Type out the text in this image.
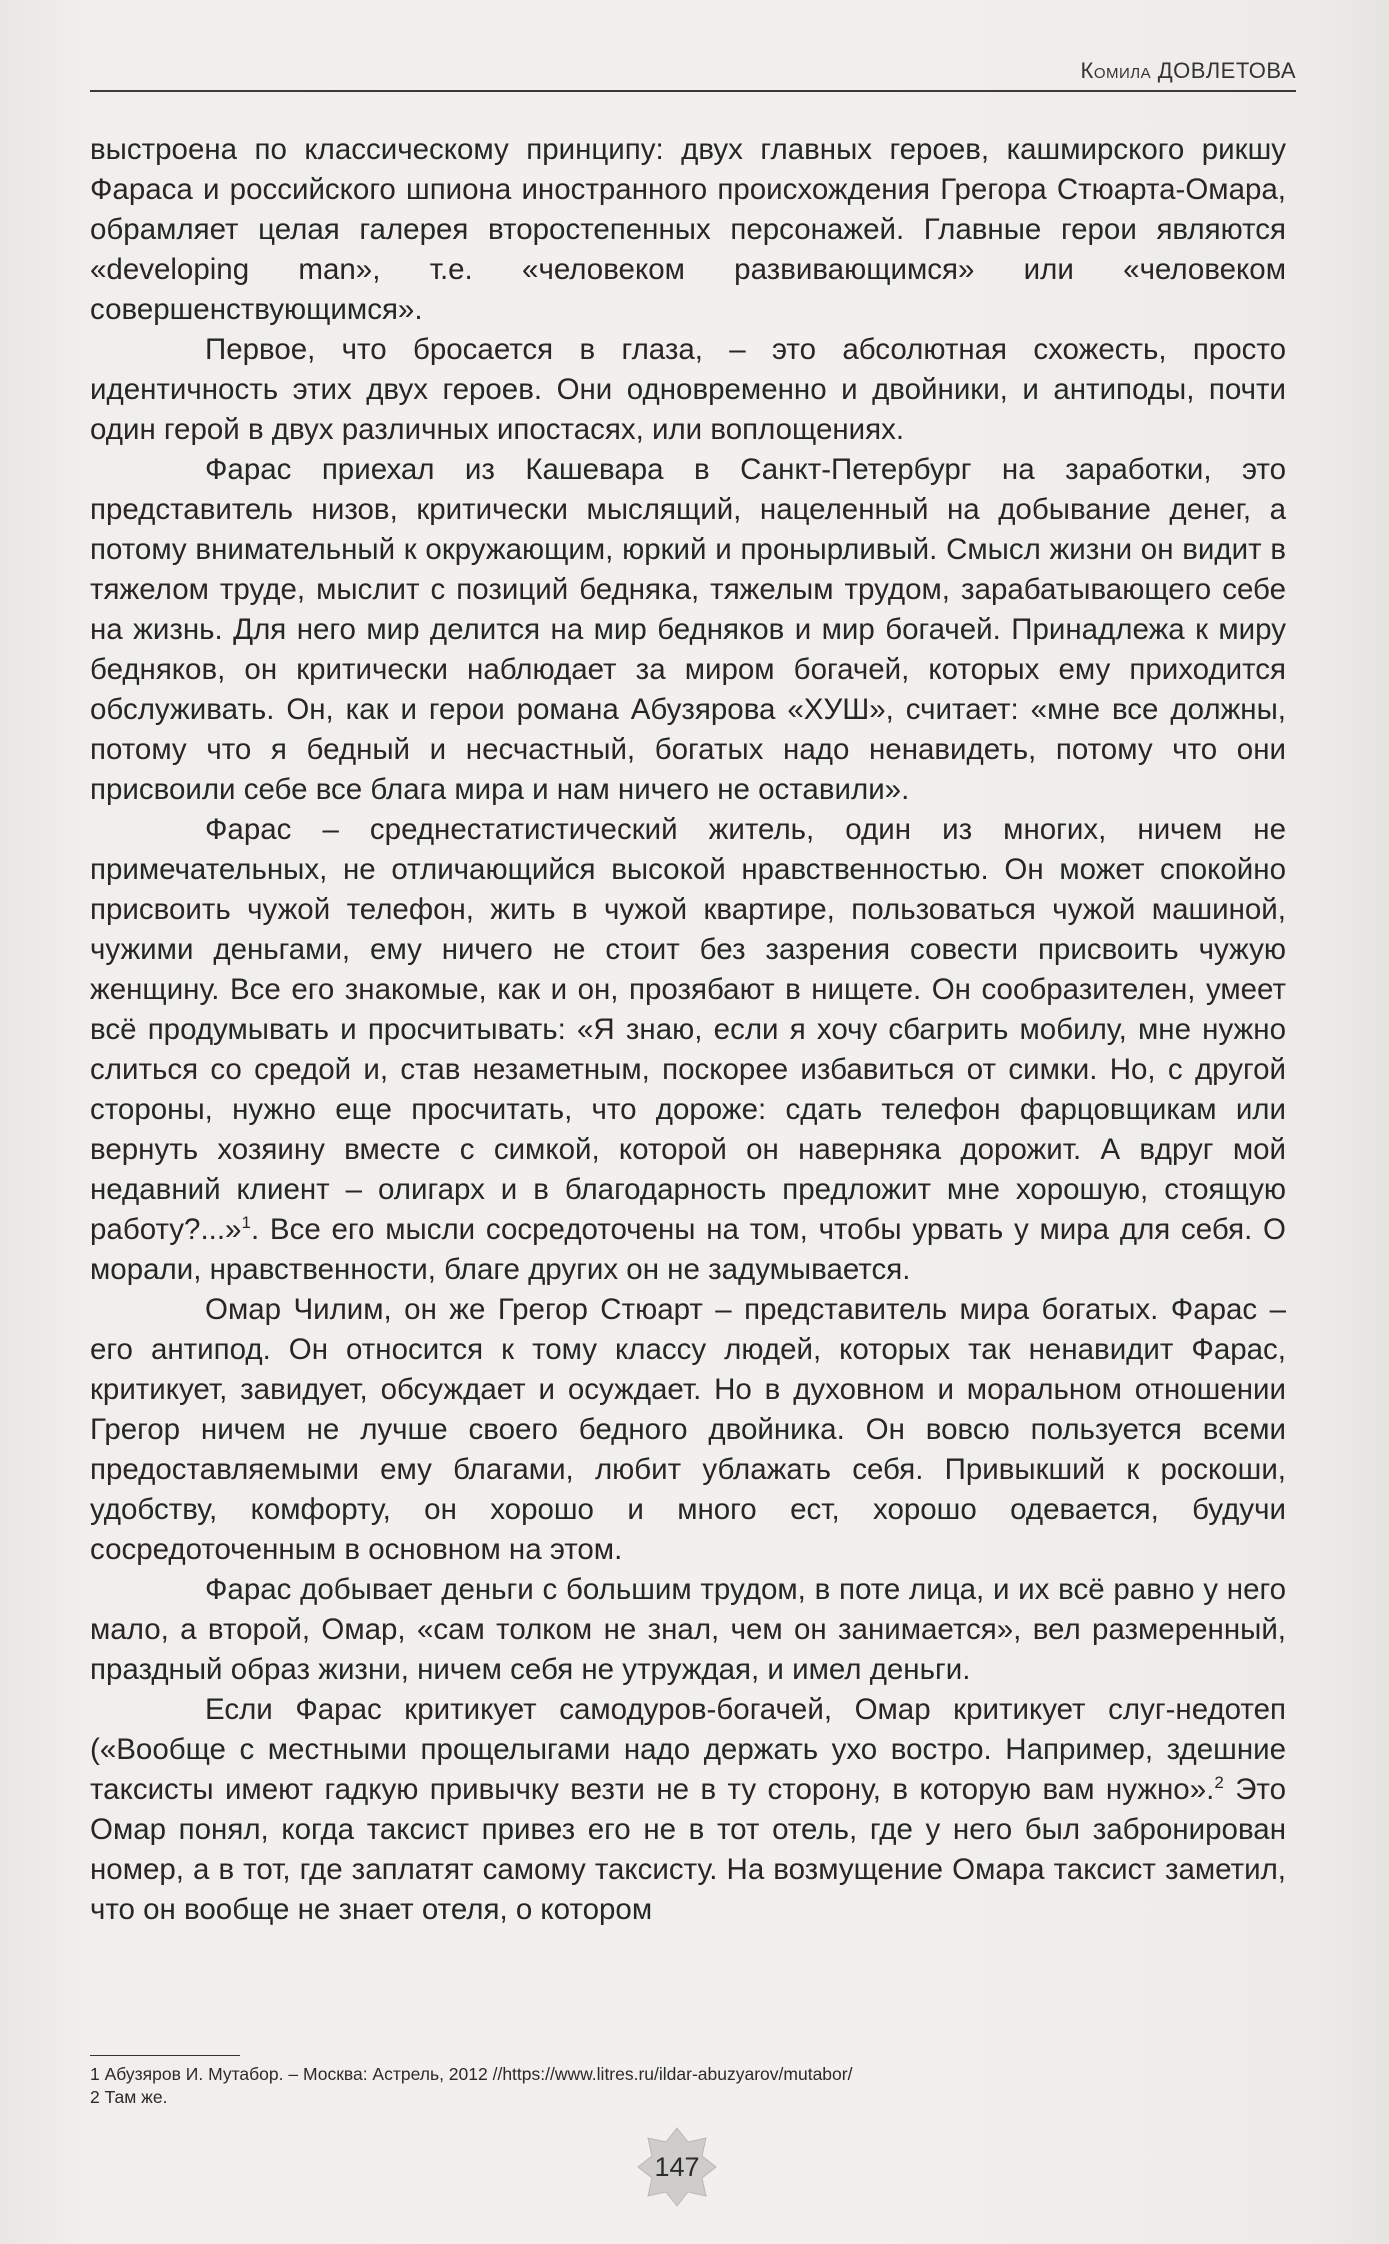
Комила ДОВЛЕТОВА

выстроена по классическому принципу: двух главных героев, кашмирского рикшу Фараса и российского шпиона иностранного происхождения Грегора Стюарта-Омара, обрамляет целая галерея второстепенных персонажей. Главные герои являются «developing man», т.е. «человеком развивающимся» или «человеком совершенствующимся».

Первое, что бросается в глаза, – это абсолютная схожесть, просто идентичность этих двух героев. Они одновременно и двойники, и антиподы, почти один герой в двух различных ипостасях, или воплощениях.

Фарас приехал из Кашевара в Санкт-Петербург на заработки, это представитель низов, критически мыслящий, нацеленный на добывание денег, а потому внимательный к окружающим, юркий и пронырливый. Смысл жизни он видит в тяжелом труде, мыслит с позиций бедняка, тяжелым трудом, зарабатывающего себе на жизнь. Для него мир делится на мир бедняков и мир богачей. Принадлежа к миру бедняков, он критически наблюдает за миром богачей, которых ему приходится обслуживать. Он, как и герои романа Абузярова «ХУШ», считает: «мне все должны, потому что я бедный и несчастный, богатых надо ненавидеть, потому что они присвоили себе все блага мира и нам ничего не оставили».

Фарас – среднестатистический житель, один из многих, ничем не примечательных, не отличающийся высокой нравственностью. Он может спокойно присвоить чужой телефон, жить в чужой квартире, пользоваться чужой машиной, чужими деньгами, ему ничего не стоит без зазрения совести присвоить чужую женщину. Все его знакомые, как и он, прозябают в нищете. Он сообразителен, умеет всё продумывать и просчитывать: «Я знаю, если я хочу сбагрить мобилу, мне нужно слиться со средой и, став незаметным, поскорее избавиться от симки. Но, с другой стороны, нужно еще просчитать, что дороже: сдать телефон фарцовщикам или вернуть хозяину вместе с симкой, которой он наверняка дорожит. А вдруг мой недавний клиент – олигарх и в благодарность предложит мне хорошую, стоящую работу?...»$^1$. Все его мысли сосредоточены на том, чтобы урвать у мира для себя. О морали, нравственности, благе других он не задумывается.

Омар Чилим, он же Грегор Стюарт – представитель мира богатых. Фарас – его антипод. Он относится к тому классу людей, которых так ненавидит Фарас, критикует, завидует, обсуждает и осуждает. Но в духовном и моральном отношении Грегор ничем не лучше своего бедного двойника. Он вовсю пользуется всеми предоставляемыми ему благами, любит ублажать себя. Привыкший к роскоши, удобству, комфорту, он хорошо и много ест, хорошо одевается, будучи сосредоточенным в основном на этом.

Фарас добывает деньги с большим трудом, в поте лица, и их всё равно у него мало, а второй, Омар, «сам толком не знал, чем он занимается», вел размеренный, праздный образ жизни, ничем себя не утруждая, и имел деньги.

Если Фарас критикует самодуров-богачей, Омар критикует слуг-недотеп («Вообще с местными прощелыгами надо держать ухо востро. Например, здешние таксисты имеют гадкую привычку везти не в ту сторону, в которую вам нужно».$^2$ Это Омар понял, когда таксист привез его не в тот отель, где у него был забронирован номер, а в тот, где заплатят самому таксисту. На возмущение Омара таксист заметил, что он вообще не знает отеля, о котором

1 Абузяров И. Мутабор. – Москва: Астрель, 2012 //https://www.litres.ru/ildar-abuzyarov/mutabor/
2 Там же.
147
